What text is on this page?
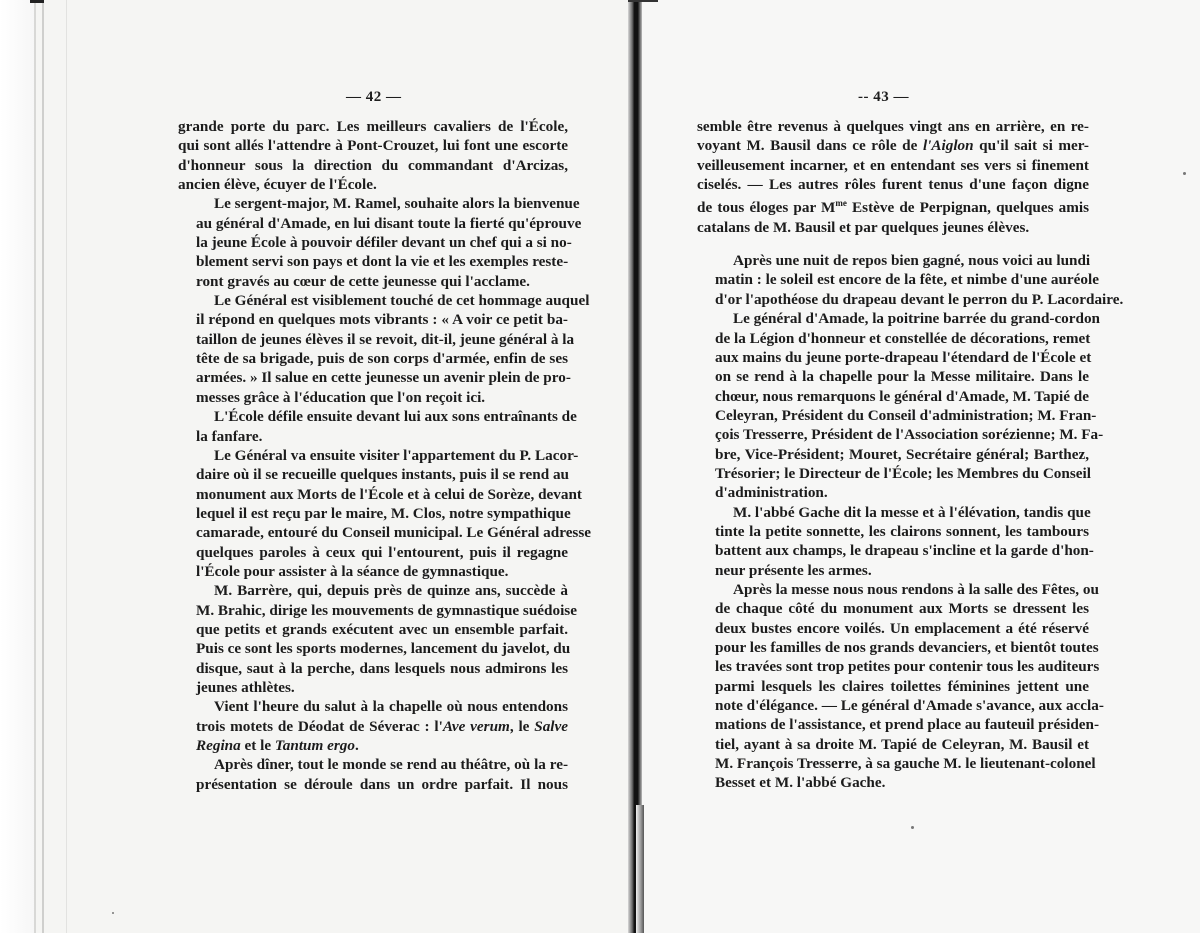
— 42 —	-- 43 —

grande porte du parc. Les meilleurs cavaliers de l'École,
qui sont allés l'attendre à Pont-Crouzet, lui font une escorte
d'honneur sous la direction du commandant d'Arcizas,
ancien élève, écuyer de l'École.

Le sergent-major, M. Ramel, souhaite alors la bienvenue
au général d'Amade, en lui disant toute la fierté qu'éprouve
la jeune École à pouvoir défiler devant un chef qui a si no-
blement servi son pays et dont la vie et les exemples reste-
ront gravés au cœur de cette jeunesse qui l'acclame.

Le Général est visiblement touché de cet hommage auquel
il répond en quelques mots vibrants : « A voir ce petit ba-
taillon de jeunes élèves il se revoit, dit-il, jeune général à la
tête de sa brigade, puis de son corps d'armée, enfin de ses
armées. » Il salue en cette jeunesse un avenir plein de pro-
messes grâce à l'éducation que l'on reçoit ici.

L'École défile ensuite devant lui aux sons entraînants de
la fanfare.

Le Général va ensuite visiter l'appartement du P. Lacor-
daire où il se recueille quelques instants, puis il se rend au
monument aux Morts de l'École et à celui de Sorèze, devant
lequel il est reçu par le maire, M. Clos, notre sympathique
camarade, entouré du Conseil municipal. Le Général adresse
quelques paroles à ceux qui l'entourent, puis il regagne
l'École pour assister à la séance de gymnastique.

M. Barrère, qui, depuis près de quinze ans, succède à
M. Brahic, dirige les mouvements de gymnastique suédoise
que petits et grands exécutent avec un ensemble parfait.
Puis ce sont les sports modernes, lancement du javelot, du
disque, saut à la perche, dans lesquels nous admirons les
jeunes athlètes.

Vient l'heure du salut à la chapelle où nous entendons
trois motets de Déodat de Séverac : l'Ave verum, le Salve
Regina et le Tantum ergo.

Après dîner, tout le monde se rend au théâtre, où la re-
présentation se déroule dans un ordre parfait. Il nous

semble être revenus à quelques vingt ans en arrière, en re-
voyant M. Bausil dans ce rôle de l'Aiglon qu'il sait si mer-
veilleusement incarner, et en entendant ses vers si finement
ciselés. — Les autres rôles furent tenus d'une façon digne
de tous éloges par $M^{me}$ Estève de Perpignan, quelques amis
catalans de M. Bausil et par quelques jeunes élèves.

Après une nuit de repos bien gagné, nous voici au lundi
matin : le soleil est encore de la fête, et nimbe d'une auréole
d'or l'apothéose du drapeau devant le perron du P. Lacordaire.

Le général d'Amade, la poitrine barrée du grand-cordon
de la Légion d'honneur et constellée de décorations, remet
aux mains du jeune porte-drapeau l'étendard de l'École et
on se rend à la chapelle pour la Messe militaire. Dans le
chœur, nous remarquons le général d'Amade, M. Tapié de
Celeyran, Président du Conseil d'administration; M. Fran-
çois Tresserre, Président de l'Association sorézienne; M. Fa-
bre, Vice-Président; Mouret, Secrétaire général; Barthez,
Trésorier; le Directeur de l'École; les Membres du Conseil
d'administration.

M. l'abbé Gache dit la messe et à l'élévation, tandis que
tinte la petite sonnette, les clairons sonnent, les tambours
battent aux champs, le drapeau s'incline et la garde d'hon-
neur présente les armes.

Après la messe nous nous rendons à la salle des Fêtes, ou
de chaque côté du monument aux Morts se dressent les
deux bustes encore voilés. Un emplacement a été réservé
pour les familles de nos grands devanciers, et bientôt toutes
les travées sont trop petites pour contenir tous les auditeurs
parmi lesquels les claires toilettes féminines jettent une
note d'élégance. — Le général d'Amade s'avance, aux accla-
mations de l'assistance, et prend place au fauteuil présiden-
tiel, ayant à sa droite M. Tapié de Celeyran, M. Bausil et
M. François Tresserre, à sa gauche M. le lieutenant-colonel
Besset et M. l'abbé Gache.
